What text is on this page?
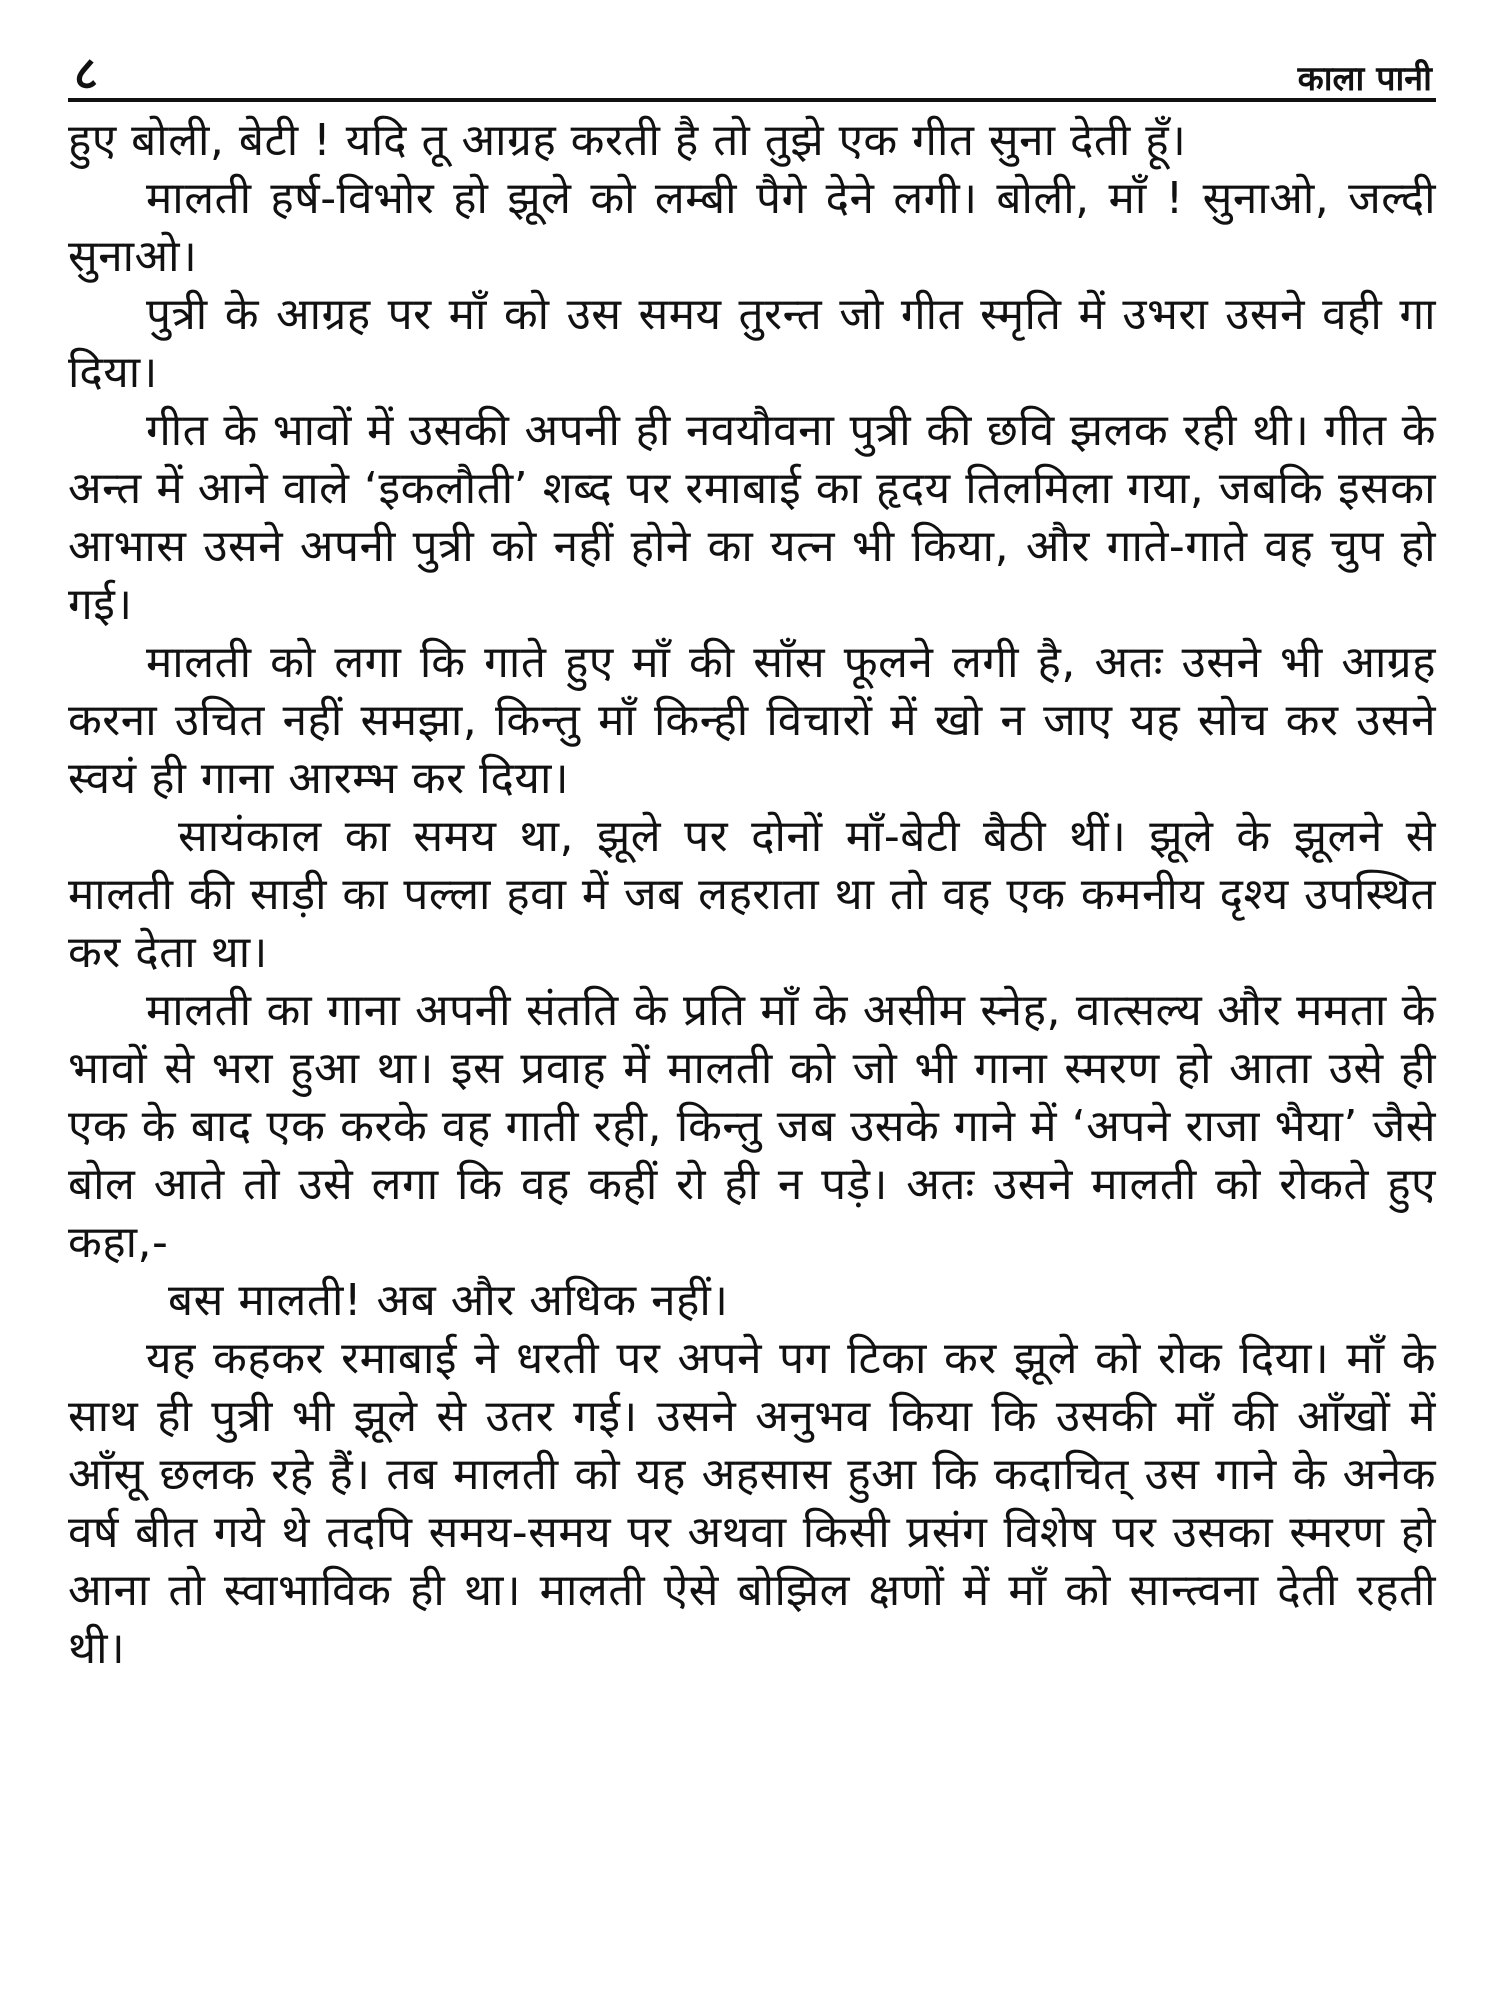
८	काला पानी

हुए बोली, बेटी ! यदि तू आग्रह करती है तो तुझे एक गीत सुना देती हूँ।

मालती हर्ष-विभोर हो झूले को लम्बी पैगे देने लगी। बोली, माँ ! सुनाओ, जल्दी सुनाओ।

पुत्री के आग्रह पर माँ को उस समय तुरन्त जो गीत स्मृति में उभरा उसने वही गा दिया।

गीत के भावों में उसकी अपनी ही नवयौवना पुत्री की छवि झलक रही थी। गीत के अन्त में आने वाले ‘इकलौती’ शब्द पर रमाबाई का हृदय तिलमिला गया, जबकि इसका आभास उसने अपनी पुत्री को नहीं होने का यत्न भी किया, और गाते-गाते वह चुप हो गई।

मालती को लगा कि गाते हुए माँ की साँस फूलने लगी है, अतः उसने भी आग्रह करना उचित नहीं समझा, किन्तु माँ किन्ही विचारों में खो न जाए यह सोच कर उसने स्वयं ही गाना आरम्भ कर दिया।

सायंकाल का समय था, झूले पर दोनों माँ-बेटी बैठी थीं। झूले के झूलने से मालती की साड़ी का पल्ला हवा में जब लहराता था तो वह एक कमनीय दृश्य उपस्थित कर देता था।

मालती का गाना अपनी संतति के प्रति माँ के असीम स्नेह, वात्सल्य और ममता के भावों से भरा हुआ था। इस प्रवाह में मालती को जो भी गाना स्मरण हो आता उसे ही एक के बाद एक करके वह गाती रही, किन्तु जब उसके गाने में ‘अपने राजा भैया’ जैसे बोल आते तो उसे लगा कि वह कहीं रो ही न पड़े। अतः उसने मालती को रोकते हुए कहा,-

बस मालती! अब और अधिक नहीं।

यह कहकर रमाबाई ने धरती पर अपने पग टिका कर झूले को रोक दिया। माँ के साथ ही पुत्री भी झूले से उतर गई। उसने अनुभव किया कि उसकी माँ की आँखों में आँसू छलक रहे हैं। तब मालती को यह अहसास हुआ कि कदाचित् उस गाने के अनेक वर्ष बीत गये थे तदपि समय-समय पर अथवा किसी प्रसंग विशेष पर उसका स्मरण हो आना तो स्वाभाविक ही था। मालती ऐसे बोझिल क्षणों में माँ को सान्त्वना देती रहती थी।
